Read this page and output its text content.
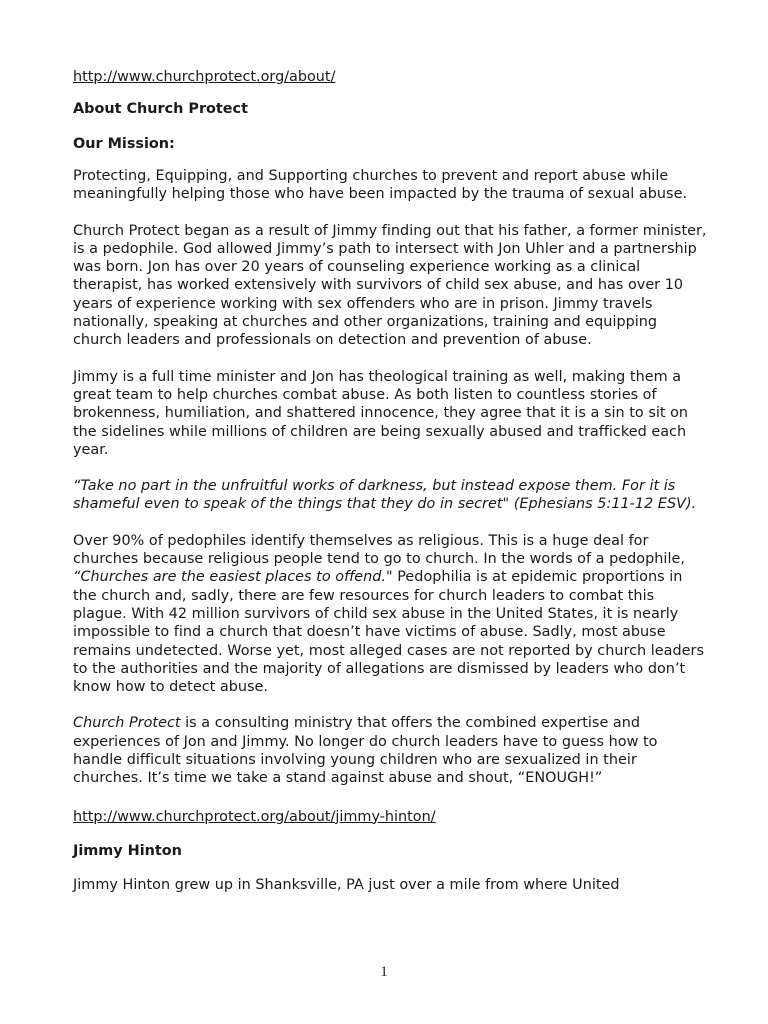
http://www.churchprotect.org/about/
About Church Protect
Our Mission:

Protecting, Equipping, and Supporting churches to prevent and report abuse while meaningfully helping those who have been impacted by the trauma of sexual abuse.

Church Protect began as a result of Jimmy finding out that his father, a former minister, is a pedophile. God allowed Jimmy’s path to intersect with Jon Uhler and a partnership was born. Jon has over 20 years of counseling experience working as a clinical therapist, has worked extensively with survivors of child sex abuse, and has over 10 years of experience working with sex offenders who are in prison. Jimmy travels nationally, speaking at churches and other organizations, training and equipping church leaders and professionals on detection and prevention of abuse.

Jimmy is a full time minister and Jon has theological training as well, making them a great team to help churches combat abuse. As both listen to countless stories of brokenness, humiliation, and shattered innocence, they agree that it is a sin to sit on the sidelines while millions of children are being sexually abused and trafficked each year.

“Take no part in the unfruitful works of darkness, but instead expose them. For it is shameful even to speak of the things that they do in secret" (Ephesians 5:11-12 ESV).

Over 90% of pedophiles identify themselves as religious. This is a huge deal for churches because religious people tend to go to church. In the words of a pedophile, “Churches are the easiest places to offend." Pedophilia is at epidemic proportions in the church and, sadly, there are few resources for church leaders to combat this plague. With 42 million survivors of child sex abuse in the United States, it is nearly impossible to find a church that doesn’t have victims of abuse. Sadly, most abuse remains undetected. Worse yet, most alleged cases are not reported by church leaders to the authorities and the majority of allegations are dismissed by leaders who don’t know how to detect abuse.

Church Protect is a consulting ministry that offers the combined expertise and experiences of Jon and Jimmy. No longer do church leaders have to guess how to handle difficult situations involving young children who are sexualized in their churches. It’s time we take a stand against abuse and shout, “ENOUGH!”

http://www.churchprotect.org/about/jimmy-hinton/
Jimmy Hinton

Jimmy Hinton grew up in Shanksville, PA just over a mile from where United

1
